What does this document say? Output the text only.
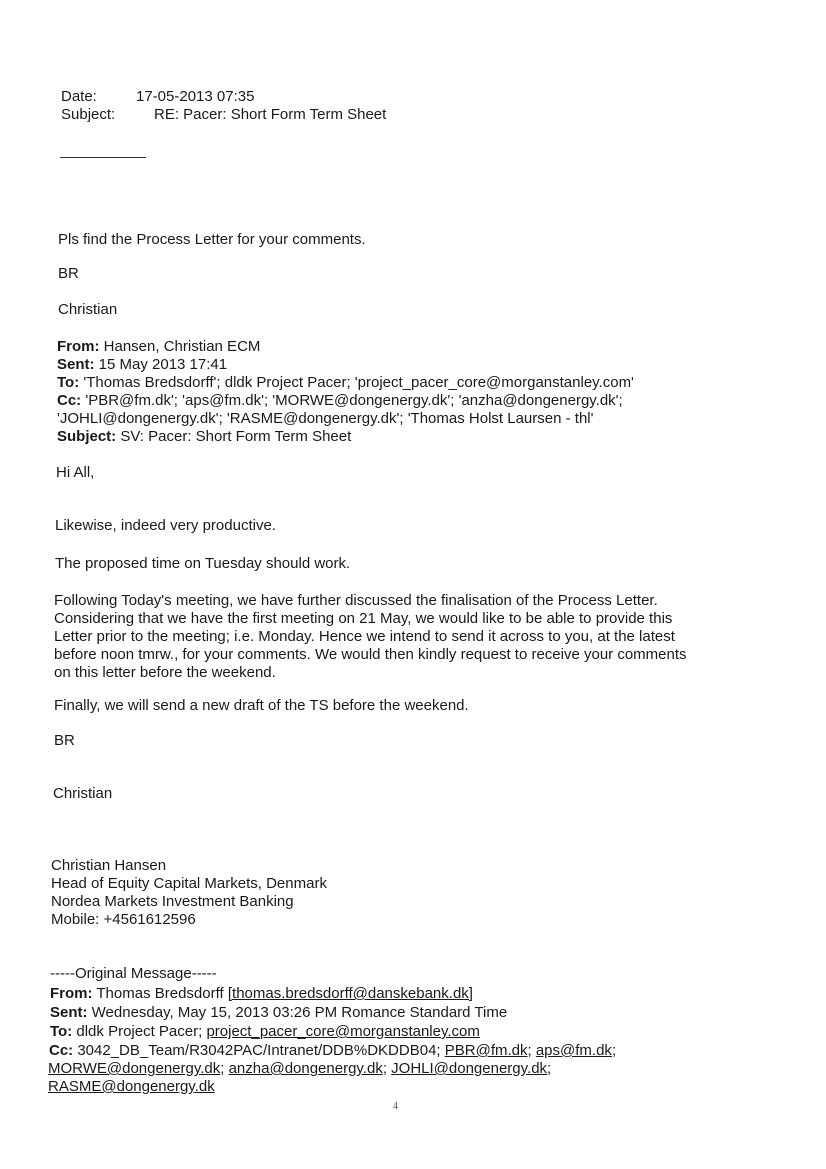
Date:	17-05-2013 07:35
Subject:	RE: Pacer: Short Form Term Sheet
Pls find the Process Letter for your comments.
BR
Christian
From: Hansen, Christian ECM
Sent: 15 May 2013 17:41
To: 'Thomas Bredsdorff'; dldk Project Pacer; 'project_pacer_core@morganstanley.com'
Cc: 'PBR@fm.dk'; 'aps@fm.dk'; 'MORWE@dongenergy.dk'; 'anzha@dongenergy.dk';
'JOHLI@dongenergy.dk'; 'RASME@dongenergy.dk'; 'Thomas Holst Laursen - thl'
Subject: SV: Pacer: Short Form Term Sheet
Hi All,
Likewise, indeed very productive.
The proposed time on Tuesday should work.
Following Today's meeting, we have further discussed the finalisation of the Process Letter.
Considering that we have the first meeting on 21 May, we would like to be able to provide this
Letter prior to the meeting; i.e. Monday. Hence we intend to send it across to you, at the latest
before noon tmrw., for your comments. We would then kindly request to receive your comments
on this letter before the weekend.
Finally, we will send a new draft of the TS before the weekend.
BR
Christian
Christian Hansen
Head of Equity Capital Markets, Denmark
Nordea Markets Investment Banking
Mobile: +4561612596
-----Original Message-----
From: Thomas Bredsdorff [thomas.bredsdorff@danskebank.dk]
Sent: Wednesday, May 15, 2013 03:26 PM Romance Standard Time
To: dldk Project Pacer; project_pacer_core@morganstanley.com
Cc: 3042_DB_Team/R3042PAC/Intranet/DDB%DKDDB04; PBR@fm.dk; aps@fm.dk;
MORWE@dongenergy.dk; anzha@dongenergy.dk; JOHLI@dongenergy.dk;
RASME@dongenergy.dk
4
